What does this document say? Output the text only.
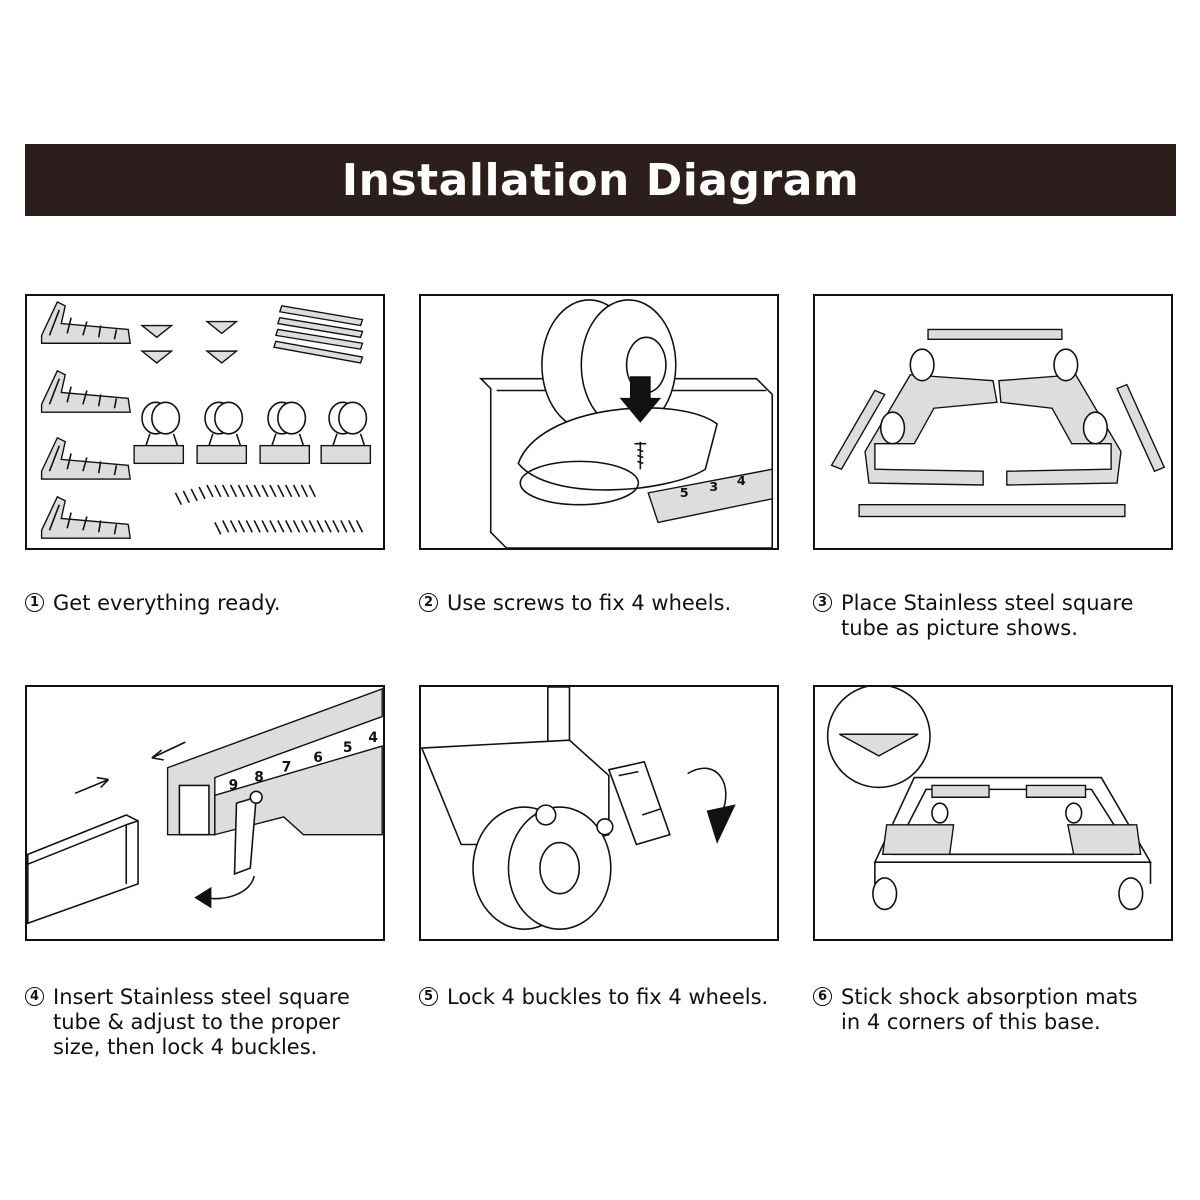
Installation Diagram
5 3 4
9 8
7
6
5
4
1 Get everything ready.	2 Use screws to fix 4 wheels.	3 Place Stainless steel square tube as picture shows.
4 Insert Stainless steel square tube & adjust to the proper size, then lock 4 buckles.
5 Lock 4 buckles to fix 4 wheels.	6 Stick shock absorption mats in 4 corners of this base.
